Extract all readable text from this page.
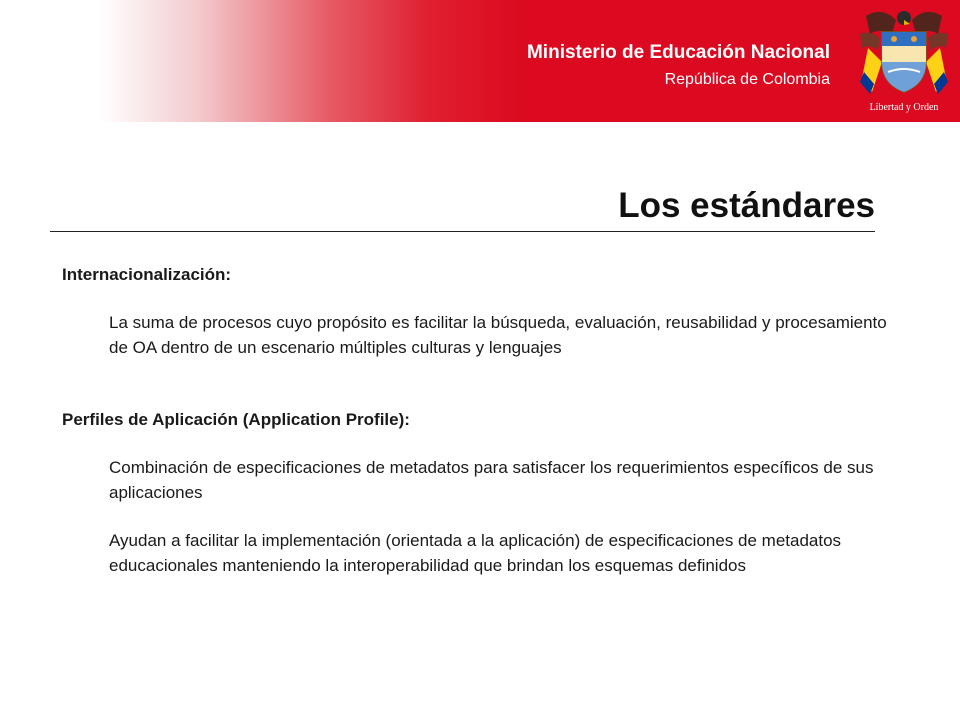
Ministerio de Educación Nacional
República de Colombia
Libertad y Orden
Los estándares

Internacionalización:

La suma de procesos cuyo propósito es facilitar la búsqueda, evaluación, reusabilidad y procesamiento de OA dentro de un escenario múltiples culturas y lenguajes

Perfiles de Aplicación (Application Profile):

Combinación de especificaciones de metadatos para satisfacer los requerimientos específicos de sus aplicaciones

Ayudan a facilitar la implementación (orientada a la aplicación) de especificaciones de metadatos educacionales manteniendo la interoperabilidad que brindan los esquemas definidos
